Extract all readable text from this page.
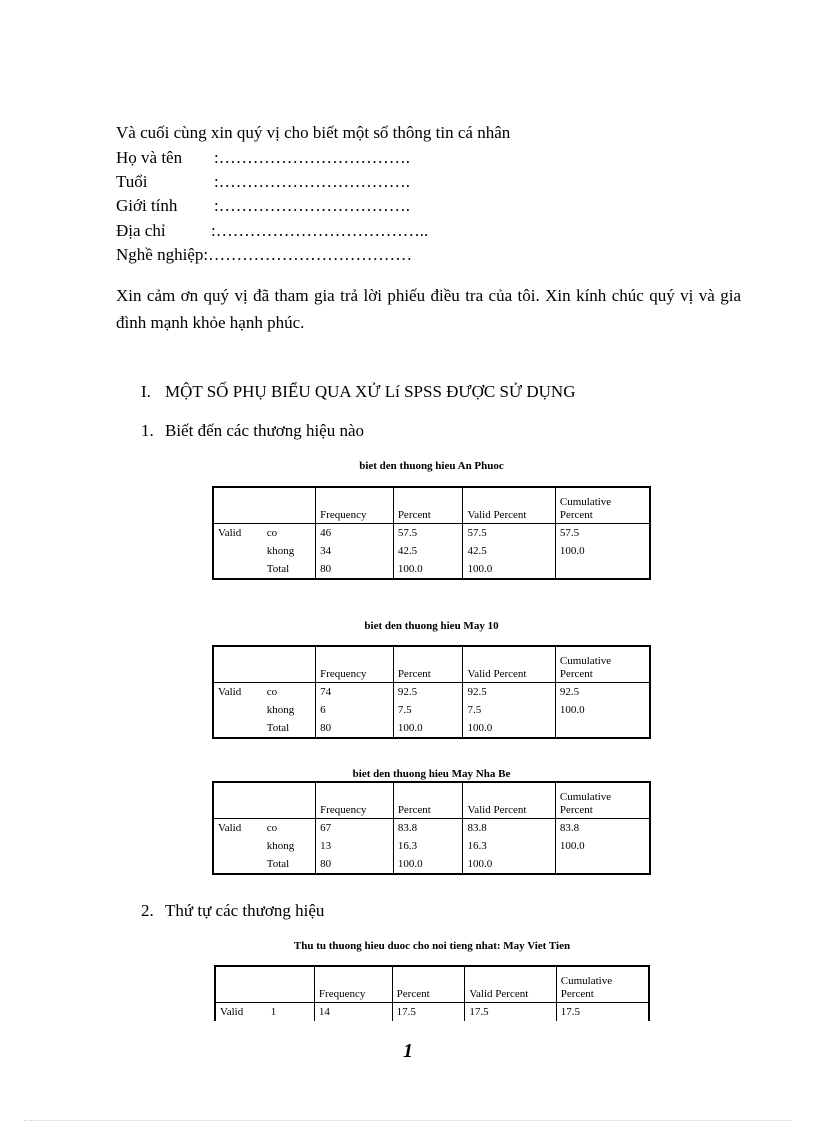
Và cuối cùng xin quý vị cho biết một số thông tin cá nhân
Họ và tên :…………………………….
Tuổi	:…………………………….
Giới tính :…………………………….
Địa chỉ	:………………………………..
Nghề nghiệp:………………………………
Xin cảm ơn quý vị đã tham gia trả lời phiếu điều tra của tôi. Xin kính chúc quý vị và gia đình mạnh khỏe hạnh phúc.
I. MỘT SỐ PHỤ BIỂU QUA XỬ Lí SPSS ĐƯỢC SỬ DỤNG
1. Biết đến các thương hiệu nào
biet den thuong hieu An Phuoc
		Frequency	Percent	Valid Percent	Cumulative
Percent
Valid	co	46	57.5	57.5	57.5
	khong	34	42.5	42.5	100.0
	Total	80	100.0	100.0	
biet den thuong hieu May 10
		Frequency	Percent	Valid Percent	Cumulative
Percent
Valid	co	74	92.5	92.5	92.5
	khong	6	7.5	7.5	100.0
	Total	80	100.0	100.0	
biet den thuong hieu May Nha Be
		Frequency	Percent	Valid Percent	Cumulative
Percent
Valid	co	67	83.8	83.8	83.8
	khong	13	16.3	16.3	100.0
	Total	80	100.0	100.0	
2. Thứ tự các thương hiệu
Thu tu thuong hieu duoc cho noi tieng nhat: May Viet Tien
		Frequency	Percent	Valid Percent	Cumulative
Percent
Valid	1	14	17.5	17.5	17.5
1
